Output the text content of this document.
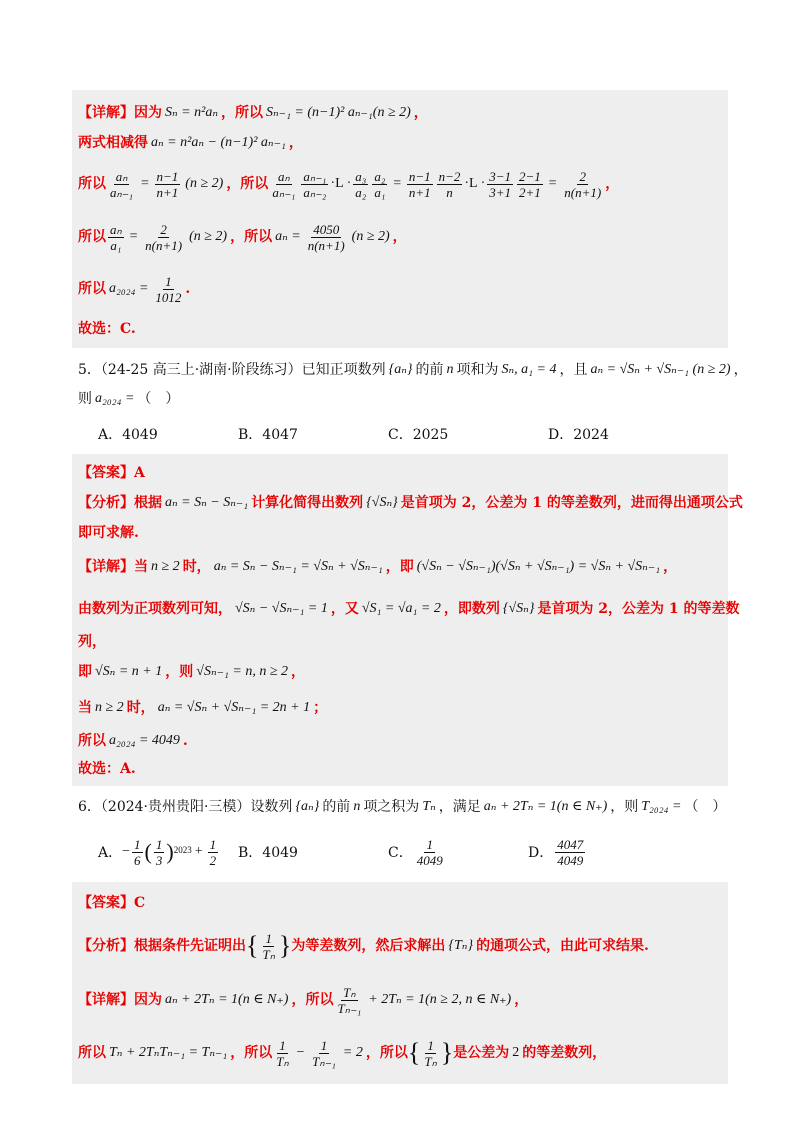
【详解】 因为 Sₙ = n²aₙ ，所以 Sₙ₋₁ = (n−1)² aₙ₋₁(n ≥ 2) ，
两式相减得 aₙ = n²aₙ − (n−1)² aₙ₋₁ ，
所以 $\frac{\text{aₙ}}{\text{aₙ₋₁}} = \frac{n-1}{n+1} (n \ge 2)$ ，所以 $\frac{\text{aₙ}}{\text{aₙ₋₁}} \frac{\text{aₙ₋₁}}{\text{aₙ₋₂}} \cdot L \cdot \frac{\text{a₃}}{\text{a₂}} \frac{\text{a₂}}{\text{a₁}} = \frac{n-1}{n+1} \frac{n-2}{n} \cdot L \cdot \frac{3-1}{3+1} \frac{2-1}{2+1} = \frac{2}{n(n+1)}$ ，
所以 $\frac{\text{aₙ}}{\text{a₁}} = \frac{2}{n(n+1)} (n \ge 2)$ ，所以 $a_n = \frac{4050}{n(n+1)} (n \ge 2)$ ，
所以 $a_{2024} = \frac{1}{1012}$ .
故选：C.
5．（24-25 高三上·湖南·阶段练习）已知正项数列 {aₙ} 的前 n 项和为 Sₙ, a₁ = 4 ，且 aₙ = √Sₙ + √Sₙ₋₁ (n ≥ 2) ，
则 a₂₀₂₄ = （　）
A．4049	B．4047	C．2025	D．2024
【答案】 A
【分析】 根据 aₙ = Sₙ − Sₙ₋₁ 计算化简得出数列 {√Sₙ} 是首项为 2，公差为 1 的等差数列，进而得出通项公式
即可求解.
【详解】 当 n ≥ 2 时， aₙ = Sₙ − Sₙ₋₁ = √Sₙ + √Sₙ₋₁ ，即 (√Sₙ − √Sₙ₋₁)(√Sₙ + √Sₙ₋₁) = √Sₙ + √Sₙ₋₁ ，
由数列为正项数列可知， √Sₙ − √Sₙ₋₁ = 1 ，又 √S₁ = √a₁ = 2 ，即数列 {√Sₙ} 是首项为 2，公差为 1 的等差数
列，
即 √Sₙ = n + 1 ，则 √Sₙ₋₁ = n, n ≥ 2 ，
当 n ≥ 2 时， aₙ = √Sₙ + √Sₙ₋₁ = 2n + 1 ；
所以 a₂₀₂₄ = 4049 .
故选：A.
6．（2024·贵州贵阳·三模）设数列 {aₙ} 的前 n 项之积为 Tₙ ，满足 aₙ + 2Tₙ = 1(n ∈ N₊) ，则 T₂₀₂₄ = （　）
A． − $\frac{1}{6}$ ( $\frac{1}{3}$ ) $2023 + \frac{1}{2}$ B．4049	C． $\frac{1}{4049}$	D． $\frac{4047}{4049}$
【答案】 C
【分析】 根据条件先证明出 { $\frac{1}{\text{Tₙ}}$ } 为等差数列，然后求解出 {Tₙ} 的通项公式，由此可求结果.
【详解】 因为 aₙ + 2Tₙ = 1(n ∈ N₊) ，所以 $\frac{\text{Tₙ}}{\text{Tₙ₋₁}} + 2T_n = 1(n \ge 2$, n ∈ N₊) ，
所以 Tₙ + 2TₙTₙ₋₁ = Tₙ₋₁ ，所以 $\frac{1}{\text{Tₙ}} - \frac{1}{\text{Tₙ₋₁}} = 2$ ，所以 { $\frac{1}{\text{Tₙ}}$ } 是公差为 2 的等差数列，
